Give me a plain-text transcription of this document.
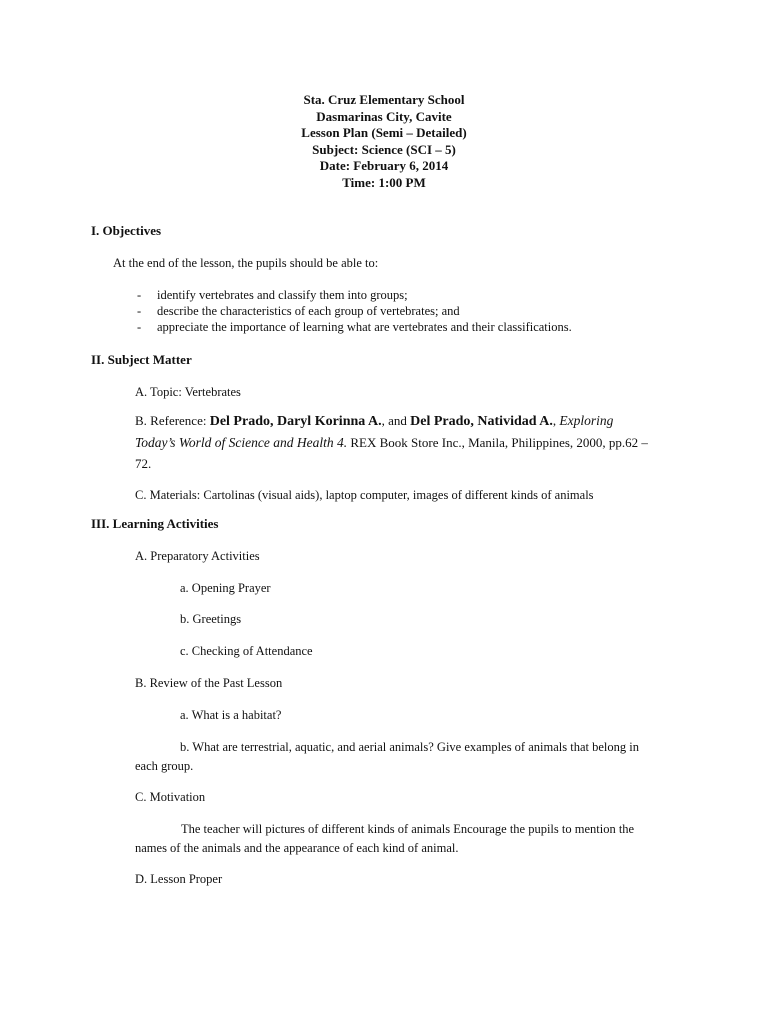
Sta. Cruz Elementary School
Dasmarinas City, Cavite
Lesson Plan (Semi – Detailed)
Subject: Science (SCI – 5)
Date: February 6, 2014
Time: 1:00 PM
I. Objectives
At the end of the lesson, the pupils should be able to:
- identify vertebrates and classify them into groups;
- describe the characteristics of each group of vertebrates; and
- appreciate the importance of learning what are vertebrates and their classifications.
II. Subject Matter
A. Topic: Vertebrates
B. Reference: Del Prado, Daryl Korinna A., and Del Prado, Natividad A., Exploring Today’s World of Science and Health 4. REX Book Store Inc., Manila, Philippines, 2000, pp.62 – 72.
C. Materials: Cartolinas (visual aids), laptop computer, images of different kinds of animals
III. Learning Activities
A. Preparatory Activities
a. Opening Prayer
b. Greetings
c. Checking of Attendance
B. Review of the Past Lesson
a. What is a habitat?
b. What are terrestrial, aquatic, and aerial animals? Give examples of animals that belong in each group.
C. Motivation
The teacher will pictures of different kinds of animals Encourage the pupils to mention the names of the animals and the appearance of each kind of animal.
D. Lesson Proper
